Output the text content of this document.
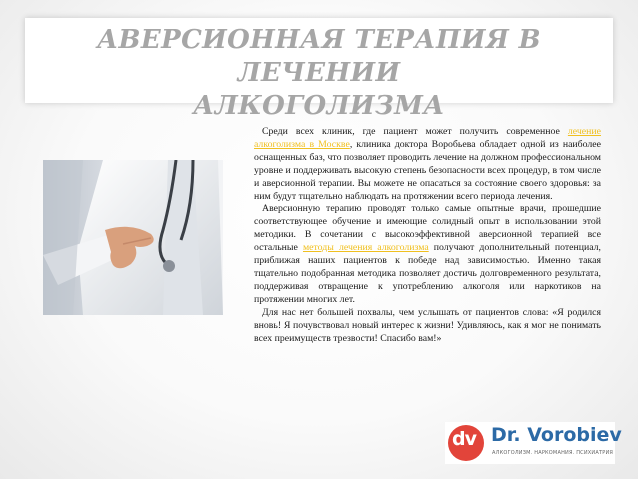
АВЕРСИОННАЯ ТЕРАПИЯ В ЛЕЧЕНИИ
АЛКОГОЛИЗМА

Среди всех клиник, где пациент может получить современное лечение алкоголизма в Москве, клиника доктора Воробьева обладает одной из наиболее оснащенных баз, что позволяет проводить лечение на должном профессиональном уровне и поддерживать высокую степень безопасности всех процедур, в том числе и аверсионной терапии. Вы можете не опасаться за состояние своего здоровья: за ним будут тщательно наблюдать на протяжении всего периода лечения.

Аверсионную терапию проводят только самые опытные врачи, прошедшие соответствующее обучение и имеющие солидный опыт в использовании этой методики. В сочетании с высокоэффективной аверсионной терапией все остальные методы лечения алкоголизма получают дополнительный потенциал, приближая наших пациентов к победе над зависимостью. Именно такая тщательно подобранная методика позволяет достичь долговременного результата, поддерживая отвращение к употреблению алкоголя или наркотиков на протяжении многих лет.

Для нас нет большей похвалы, чем услышать от пациентов слова: «Я родился вновь! Я почувствовал новый интерес к жизни! Удивляюсь, как я мог не понимать всех преимуществ трезвости! Спасибо вам!»

dv Dr. Vorobiev
АЛКОГОЛИЗМ. НАРКОМАНИЯ. ПСИХИАТРИЯ
